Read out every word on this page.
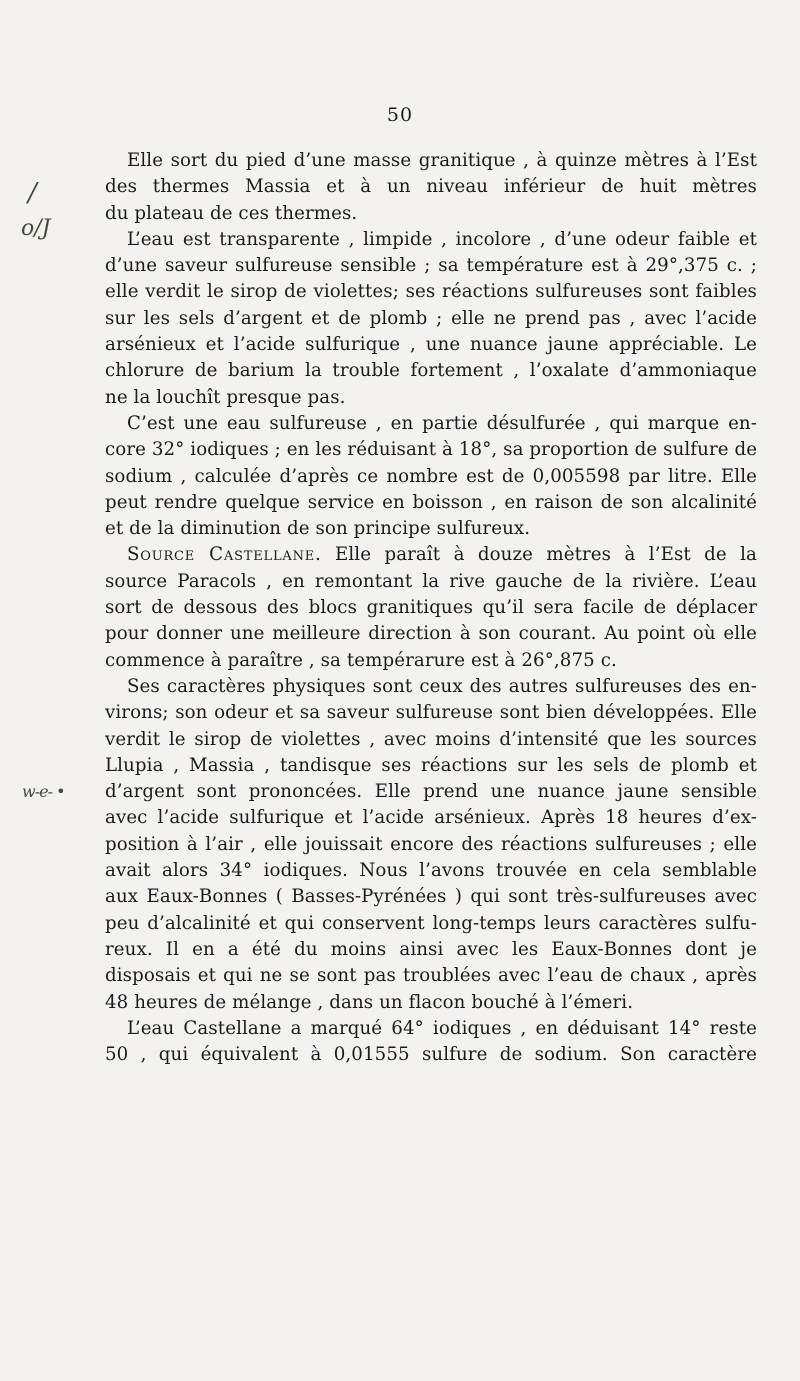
50
/
o/J
w-e- •
Elle sort du pied d’une masse granitique , à quinze mètres à l’Est
des thermes Massia et à un niveau inférieur de huit mètres
du plateau de ces thermes.
L’eau est transparente , limpide , incolore , d’une odeur faible et
d’une saveur sulfureuse sensible ; sa température est à 29°,375 c. ;
elle verdit le sirop de violettes; ses réactions sulfureuses sont faibles
sur les sels d’argent et de plomb ; elle ne prend pas , avec l’acide
arsénieux et l’acide sulfurique , une nuance jaune appréciable. Le
chlorure de barium la trouble fortement , l’oxalate d’ammoniaque
ne la louchît presque pas.
C’est une eau sulfureuse , en partie désulfurée , qui marque en-
core 32° iodiques ; en les réduisant à 18°, sa proportion de sulfure de
sodium , calculée d’après ce nombre est de 0,005598 par litre. Elle
peut rendre quelque service en boisson , en raison de son alcalinité
et de la diminution de son principe sulfureux.
Source Castellane. Elle paraît à douze mètres à l’Est de la
source Paracols , en remontant la rive gauche de la rivière. L’eau
sort de dessous des blocs granitiques qu’il sera facile de déplacer
pour donner une meilleure direction à son courant. Au point où elle
commence à paraître , sa tempérarure est à 26°,875 c.
Ses caractères physiques sont ceux des autres sulfureuses des en-
virons; son odeur et sa saveur sulfureuse sont bien développées. Elle
verdit le sirop de violettes , avec moins d’intensité que les sources
Llupia , Massia , tandisque ses réactions sur les sels de plomb et
d’argent sont prononcées. Elle prend une nuance jaune sensible
avec l’acide sulfurique et l’acide arsénieux. Après 18 heures d’ex-
position à l’air , elle jouissait encore des réactions sulfureuses ; elle
avait alors 34° iodiques. Nous l’avons trouvée en cela semblable
aux Eaux-Bonnes ( Basses-Pyrénées ) qui sont très-sulfureuses avec
peu d’alcalinité et qui conservent long-temps leurs caractères sulfu-
reux. Il en a été du moins ainsi avec les Eaux-Bonnes dont je
disposais et qui ne se sont pas troublées avec l’eau de chaux , après
48 heures de mélange , dans un flacon bouché à l’émeri.
L’eau Castellane a marqué 64° iodiques , en déduisant 14° reste
50 , qui équivalent à 0,01555 sulfure de sodium. Son caractère
